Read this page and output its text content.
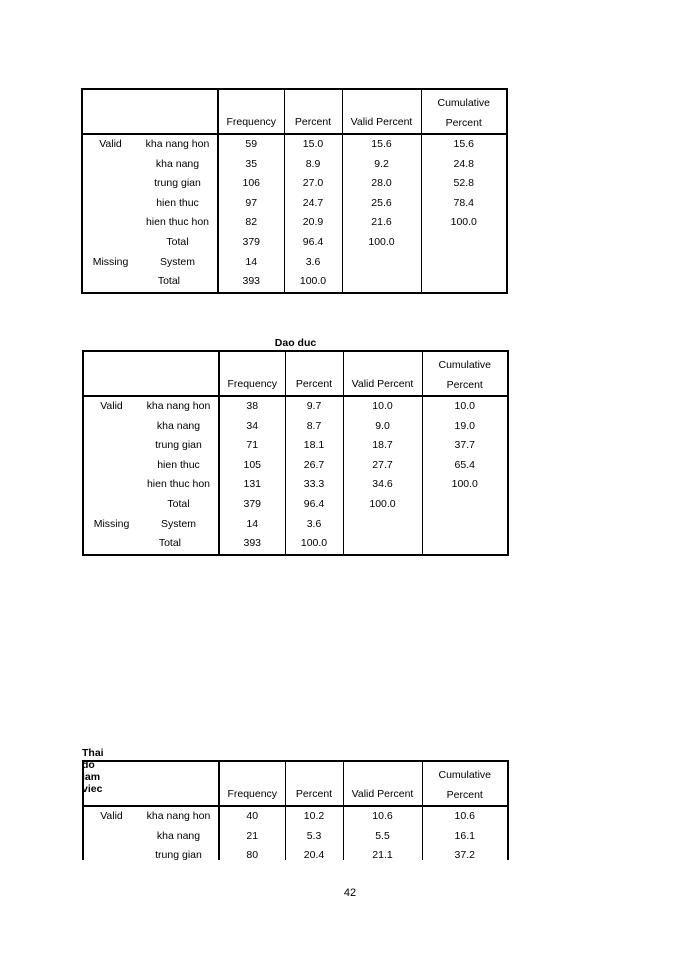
		Frequency	Percent	Valid Percent	Cumulative
Percent

Valid	kha nang hon	59	15.0	15.6	15.6
	kha nang	35	8.9	9.2	24.8
	trung gian	106	27.0	28.0	52.8
	hien thuc	97	24.7	25.6	78.4
	hien thuc hon	82	20.9	21.6	100.0
	Total	379	96.4	100.0	
Missing	System	14	3.6		
Total		393	100.0		
Dao duc
		Frequency	Percent	Valid Percent	Cumulative
Percent

Valid	kha nang hon	38	9.7	10.0	10.0
	kha nang	34	8.7	9.0	19.0
	trung gian	71	18.1	18.7	37.7
	hien thuc	105	26.7	27.7	65.4
	hien thuc hon	131	33.3	34.6	100.0
	Total	379	96.4	100.0	
Missing	System	14	3.6		
Total		393	100.0		
Thai do lam viec
		Frequency	Percent	Valid Percent	Cumulative
Percent

Valid	kha nang hon	40	10.2	10.6	10.6
	kha nang	21	5.3	5.5	16.1
	trung gian	80	20.4	21.1	37.2
42
